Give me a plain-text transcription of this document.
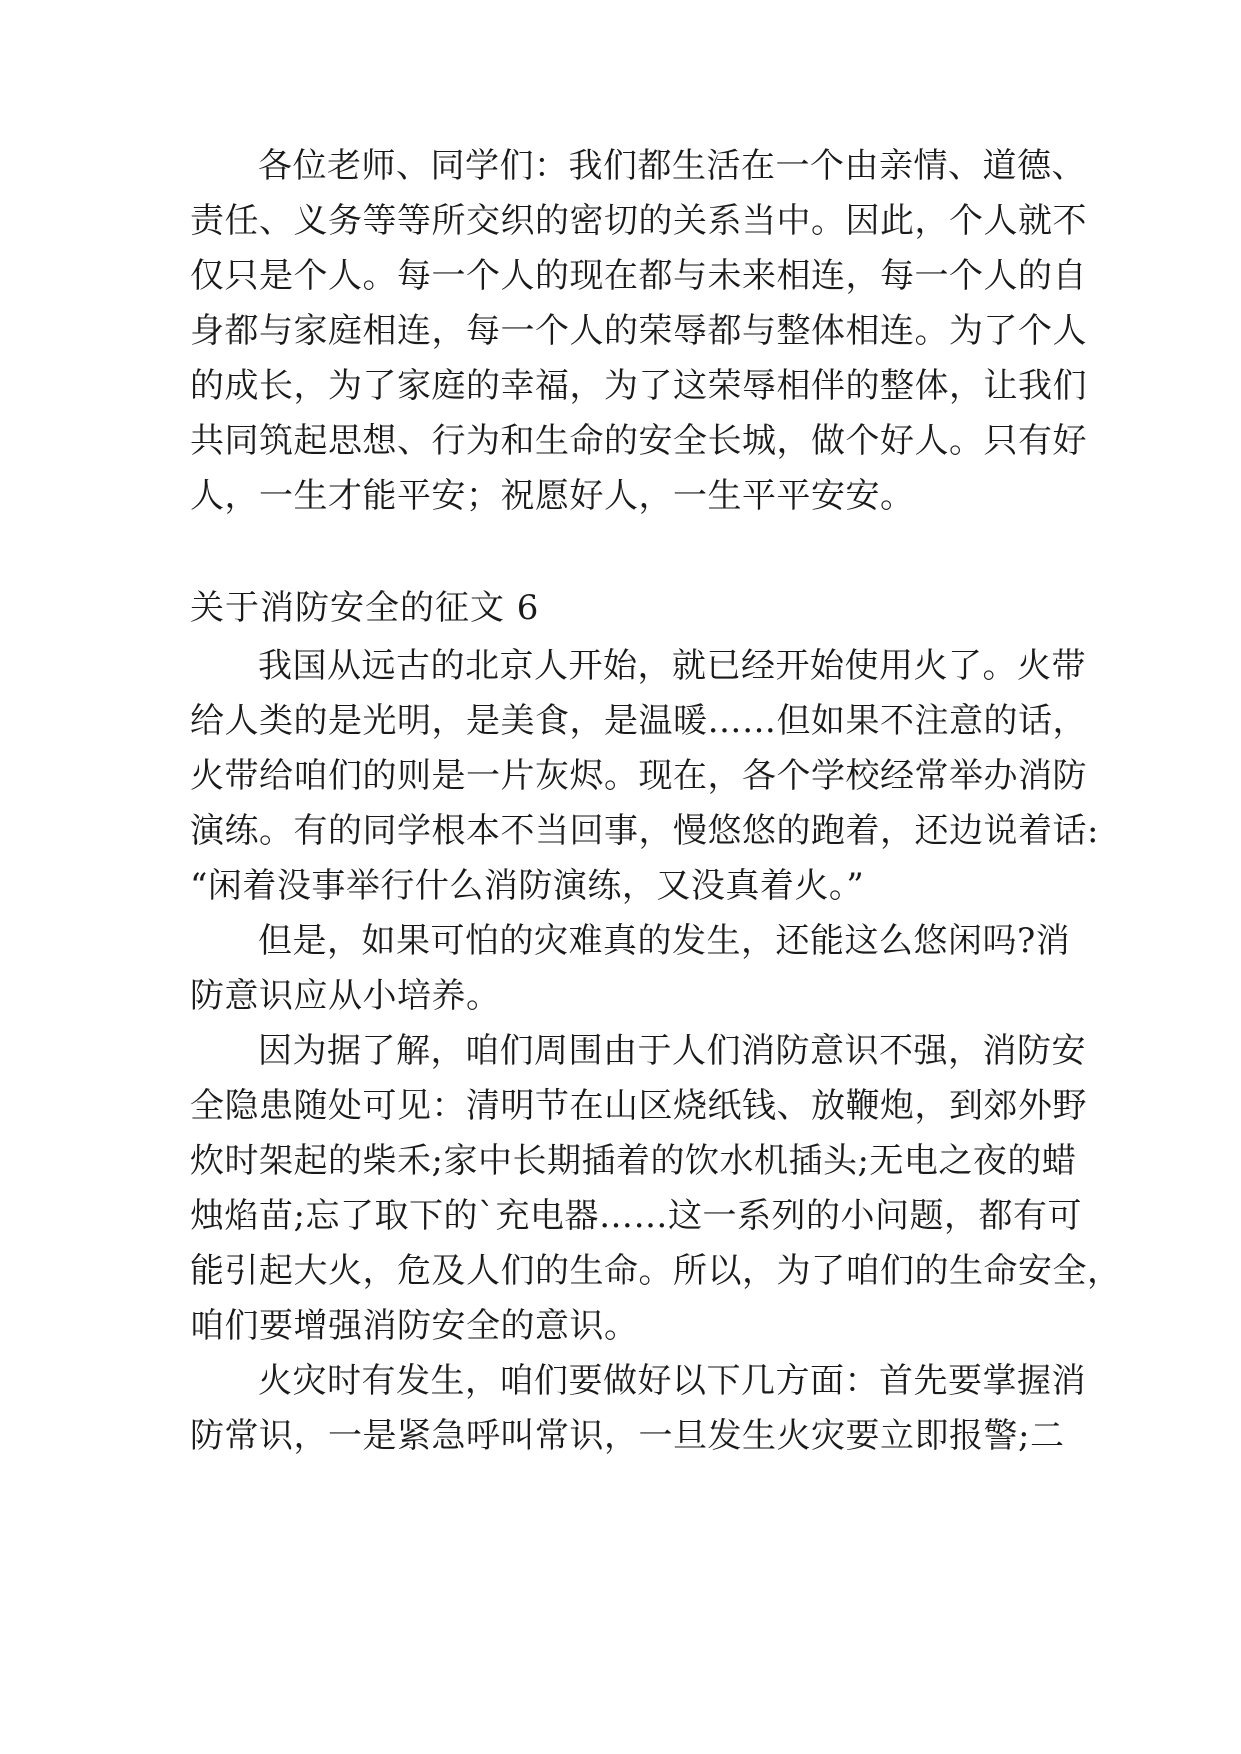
各位老师、同学们：我们都生活在一个由亲情、道德、
责任、义务等等所交织的密切的关系当中。因此，个人就不
仅只是个人。每一个人的现在都与未来相连，每一个人的自
身都与家庭相连，每一个人的荣辱都与整体相连。为了个人
的成长，为了家庭的幸福，为了这荣辱相伴的整体，让我们
共同筑起思想、行为和生命的安全长城，做个好人。只有好
人，一生才能平安；祝愿好人，一生平平安安。
关于消防安全的征文 6
我国从远古的北京人开始，就已经开始使用火了。火带
给人类的是光明，是美食，是温暖……但如果不注意的话，
火带给咱们的则是一片灰烬。现在，各个学校经常举办消防
演练。有的同学根本不当回事，慢悠悠的跑着，还边说着话:
“闲着没事举行什么消防演练，又没真着火。”
但是，如果可怕的灾难真的发生，还能这么悠闲吗?消
防意识应从小培养。
因为据了解，咱们周围由于人们消防意识不强，消防安
全隐患随处可见：清明节在山区烧纸钱、放鞭炮，到郊外野
炊时架起的柴禾;家中长期插着的饮水机插头;无电之夜的蜡
烛焰苗;忘了取下的`充电器……这一系列的小问题，都有可
能引起大火，危及人们的生命。所以，为了咱们的生命安全，
咱们要增强消防安全的意识。
火灾时有发生，咱们要做好以下几方面：首先要掌握消
防常识，一是紧急呼叫常识，一旦发生火灾要立即报警;二
